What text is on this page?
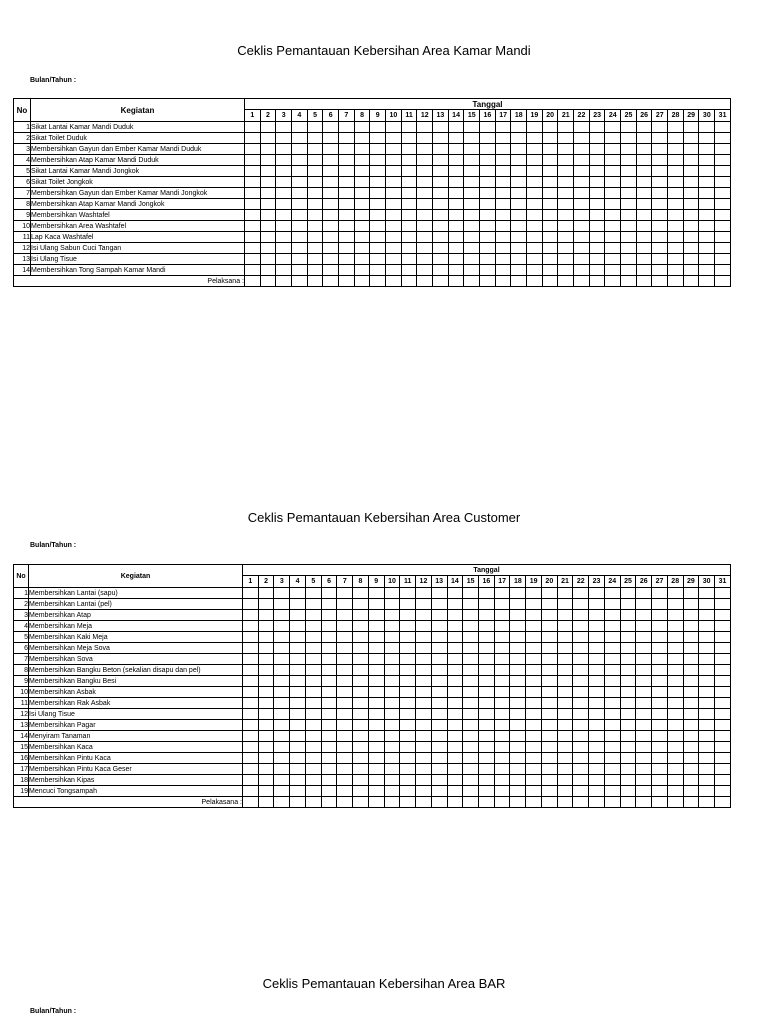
Ceklis Pemantauan Kebersihan Area Kamar Mandi
Bulan/Tahun :
No	Kegiatan	Tanggal																														
		1	2	3	4	5	6	7	8	9	10	11	12	13	14	15	16	17	18	19	20	21	22	23	24	25	26	27	28	29	30	31
1	Sikat Lantai Kamar Mandi Duduk																															
2	Sikat Toilet Duduk																															
3	Membersihkan Gayun dan Ember Kamar Mandi Duduk																															
4	Membersihkan Atap Kamar Mandi Duduk																															
5	Sikat Lantai Kamar Mandi Jongkok																															
6	Sikat Toilet Jongkok																															
7	Membersihkan Gayun dan Ember Kamar Mandi Jongkok																															
8	Membersihkan Atap Kamar Mandi Jongkok																															
9	Membersihkan Washtafel																															
10	Membersihkan Area Washtafel																															
11	Lap Kaca Washtafel																															
12	Isi Ulang Sabun Cuci Tangan																															
13	Isi Ulang Tisue																															
14	Membersihkan Tong Sampah Kamar Mandi																															
Pelaksana :																																
Ceklis Pemantauan Kebersihan Area Customer
Bulan/Tahun :
No	Kegiatan	Tanggal																														
		1	2	3	4	5	6	7	8	9	10	11	12	13	14	15	16	17	18	19	20	21	22	23	24	25	26	27	28	29	30	31
1	Membersihkan Lantai (sapu)																															
2	Membersihkan Lantai (pel)																															
3	Membersihkan Atap																															
4	Membersihkan Meja																															
5	Membersihkan Kaki Meja																															
6	Membersihkan Meja Sova																															
7	Membersihkan Sova																															
8	Membersihkan Bangku Beton (sekalian disapu dan pel)																															
9	Membersihkan Bangku Besi																															
10	Membersihkan Asbak																															
11	Membersihkan Rak Asbak																															
12	Isi Ulang Tisue																															
13	Membersihkan Pagar																															
14	Menyiram Tanaman																															
15	Membersihkan Kaca																															
16	Membersihkan Pintu Kaca																															
17	Membersihkan Pintu Kaca Geser																															
18	Membersihkan Kipas																															
19	Mencuci Tongsampah																															
Pelakasana :																																
Ceklis Pemantauan Kebersihan Area BAR
Bulan/Tahun :
